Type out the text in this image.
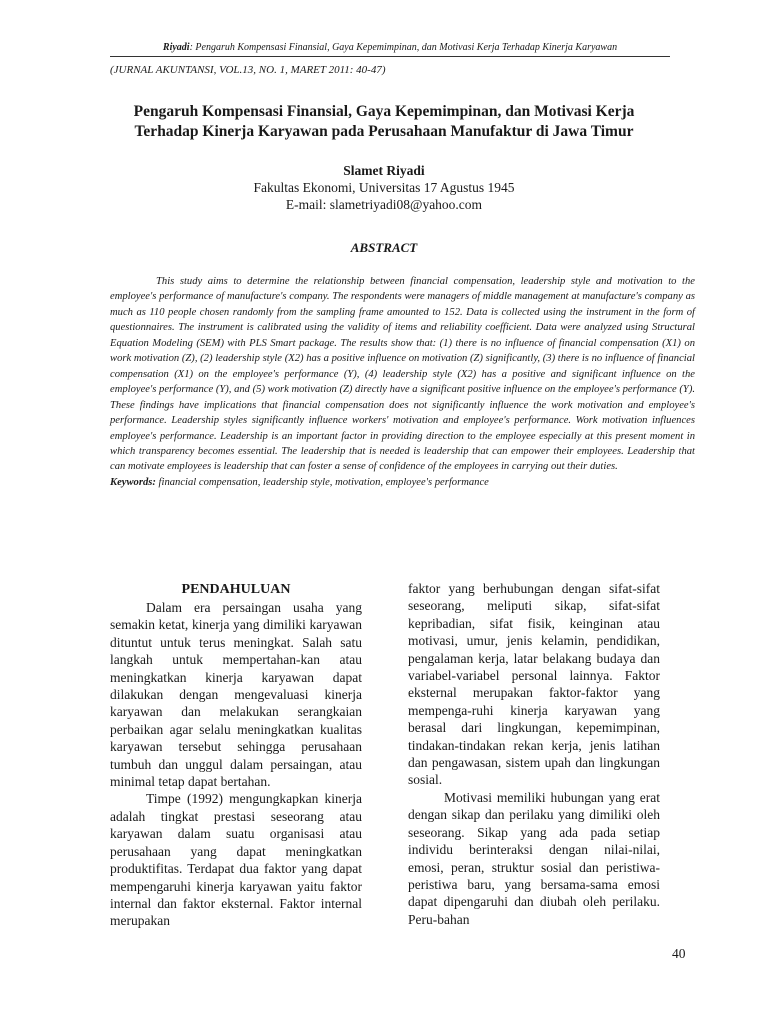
Riyadi: Pengaruh Kompensasi Finansial, Gaya Kepemimpinan, dan Motivasi Kerja Terhadap Kinerja Karyawan
(JURNAL AKUNTANSI, VOL.13, NO. 1, MARET 2011: 40-47)
Pengaruh Kompensasi Finansial, Gaya Kepemimpinan, dan Motivasi Kerja
Terhadap Kinerja Karyawan pada Perusahaan Manufaktur di Jawa Timur
Slamet Riyadi
Fakultas Ekonomi, Universitas 17 Agustus 1945
E-mail: slametriyadi08@yahoo.com
ABSTRACT

This study aims to determine the relationship between financial compensation, leadership style and motivation to the employee's performance of manufacture's company. The respondents were managers of middle management at manufacture's company as much as 110 people chosen randomly from the sampling frame amounted to 152. Data is collected using the instrument in the form of questionnaires. The instrument is calibrated using the validity of items and reliability coefficient. Data were analyzed using Structural Equation Modeling (SEM) with PLS Smart package. The results show that: (1) there is no influence of financial compensation (X1) on work motivation (Z), (2) leadership style (X2) has a positive influence on motivation (Z) significantly, (3) there is no influence of financial compensation (X1) on the employee's performance (Y), (4) leadership style (X2) has a positive and significant influence on the employee's performance (Y), and (5) work motivation (Z) directly have a significant positive influence on the employee's performance (Y). These findings have implications that financial compensation does not significantly influence the work motivation and employee's performance. Leadership styles significantly influence workers' motivation and employee's performance. Work motivation influences employee's performance. Leadership is an important factor in providing direction to the employee especially at this present moment in which transparency becomes essential. The leadership that is needed is leadership that can empower their employees. Leadership that can motivate employees is leadership that can foster a sense of confidence of the employees in carrying out their duties.

Keywords: financial compensation, leadership style, motivation, employee's performance

PENDAHULUAN

Dalam era persaingan usaha yang semakin ketat, kinerja yang dimiliki karyawan dituntut untuk terus meningkat. Salah satu langkah untuk mempertahan-kan atau meningkatkan kinerja karyawan dapat dilakukan dengan mengevaluasi kinerja karyawan dan melakukan serangkaian perbaikan agar selalu meningkatkan kualitas karyawan tersebut sehingga perusahaan tumbuh dan unggul dalam persaingan, atau minimal tetap dapat bertahan.

Timpe (1992) mengungkapkan kinerja adalah tingkat prestasi seseorang atau karyawan dalam suatu organisasi atau perusahaan yang dapat meningkatkan produktifitas. Terdapat dua faktor yang dapat mempengaruhi kinerja karyawan yaitu faktor internal dan faktor eksternal. Faktor internal merupakan

faktor yang berhubungan dengan sifat-sifat seseorang, meliputi sikap, sifat-sifat kepribadian, sifat fisik, keinginan atau motivasi, umur, jenis kelamin, pendidikan, pengalaman kerja, latar belakang budaya dan variabel-variabel personal lainnya. Faktor eksternal merupakan faktor-faktor yang mempenga-ruhi kinerja karyawan yang berasal dari lingkungan, kepemimpinan, tindakan-tindakan rekan kerja, jenis latihan dan pengawasan, sistem upah dan lingkungan sosial.

Motivasi memiliki hubungan yang erat dengan sikap dan perilaku yang dimiliki oleh seseorang. Sikap yang ada pada setiap individu berinteraksi dengan nilai-nilai, emosi, peran, struktur sosial dan peristiwa-peristiwa baru, yang bersama-sama emosi dapat dipengaruhi dan diubah oleh perilaku. Peru-bahan

40
